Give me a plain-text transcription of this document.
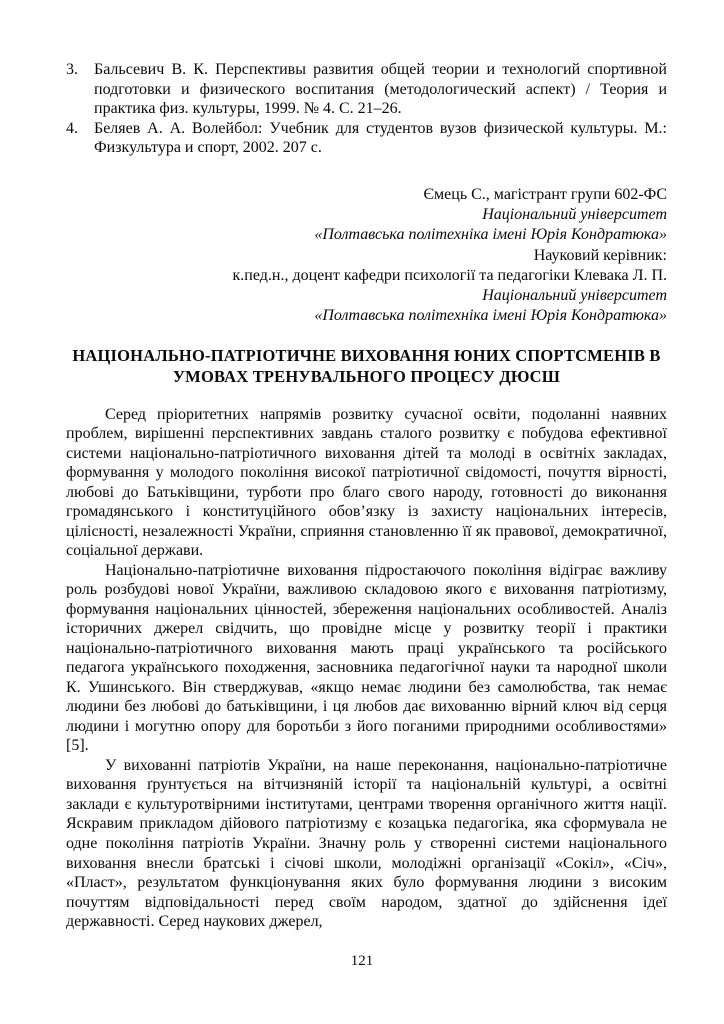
3.	Бальсевич В. К. Перспективы развития общей теории и технологий спортивной подготовки и физического воспитания (методологический аспект) / Теория и практика физ. культуры, 1999. № 4. С. 21–26.
4.	Беляев А. А. Волейбол: Учебник для студентов вузов физической культуры. М.: Физкультура и спорт, 2002. 207 с.
Ємець С., магістрант групи 602-ФС
Національний університет
«Полтавська політехніка імені Юрія Кондратюка»
Науковий керівник:
к.пед.н., доцент кафедри психології та педагогіки Клевака Л. П.
Національний університет
«Полтавська політехніка імені Юрія Кондратюка»
НАЦІОНАЛЬНО-ПАТРІОТИЧНЕ ВИХОВАННЯ ЮНИХ СПОРТСМЕНІВ В УМОВАХ ТРЕНУВАЛЬНОГО ПРОЦЕСУ ДЮСШ

Серед пріоритетних напрямів розвитку сучасної освіти, подоланні наявних проблем, вирішенні перспективних завдань сталого розвитку є побудова ефективної системи національно-патріотичного виховання дітей та молоді в освітніх закладах, формування у молодого покоління високої патріотичної свідомості, почуття вірності, любові до Батьківщини, турботи про благо свого народу, готовності до виконання громадянського і конституційного обов’язку із захисту національних інтересів, цілісності, незалежності України, сприяння становленню її як правової, демократичної, соціальної держави.

Національно-патріотичне виховання підростаючого покоління відіграє важливу роль розбудові нової України, важливою складовою якого є виховання патріотизму, формування національних цінностей, збереження національних особливостей. Аналіз історичних джерел свідчить, що провідне місце у розвитку теорії і практики національно-патріотичного виховання мають праці українського та російського педагога українського походження, засновника педагогічної науки та народної школи К. Ушинського. Він стверджував, «якщо немає людини без самолюбства, так немає людини без любові до батьківщини, і ця любов дає вихованню вірний ключ від серця людини і могутню опору для боротьби з його поганими природними особливостями» [5].

У вихованні патріотів України, на наше переконання, національно-патріотичне виховання ґрунтується на вітчизняній історії та національній культурі, а освітні заклади є культуротвірними інститутами, центрами творення органічного життя нації. Яскравим прикладом дійового патріотизму є козацька педагогіка, яка сформувала не одне покоління патріотів України. Значну роль у створенні системи національного виховання внесли братські і січові школи, молодіжні організації «Сокіл», «Січ», «Пласт», результатом функціонування яких було формування людини з високим почуттям відповідальності перед своїм народом, здатної до здійснення ідеї державності. Серед наукових джерел,

121
